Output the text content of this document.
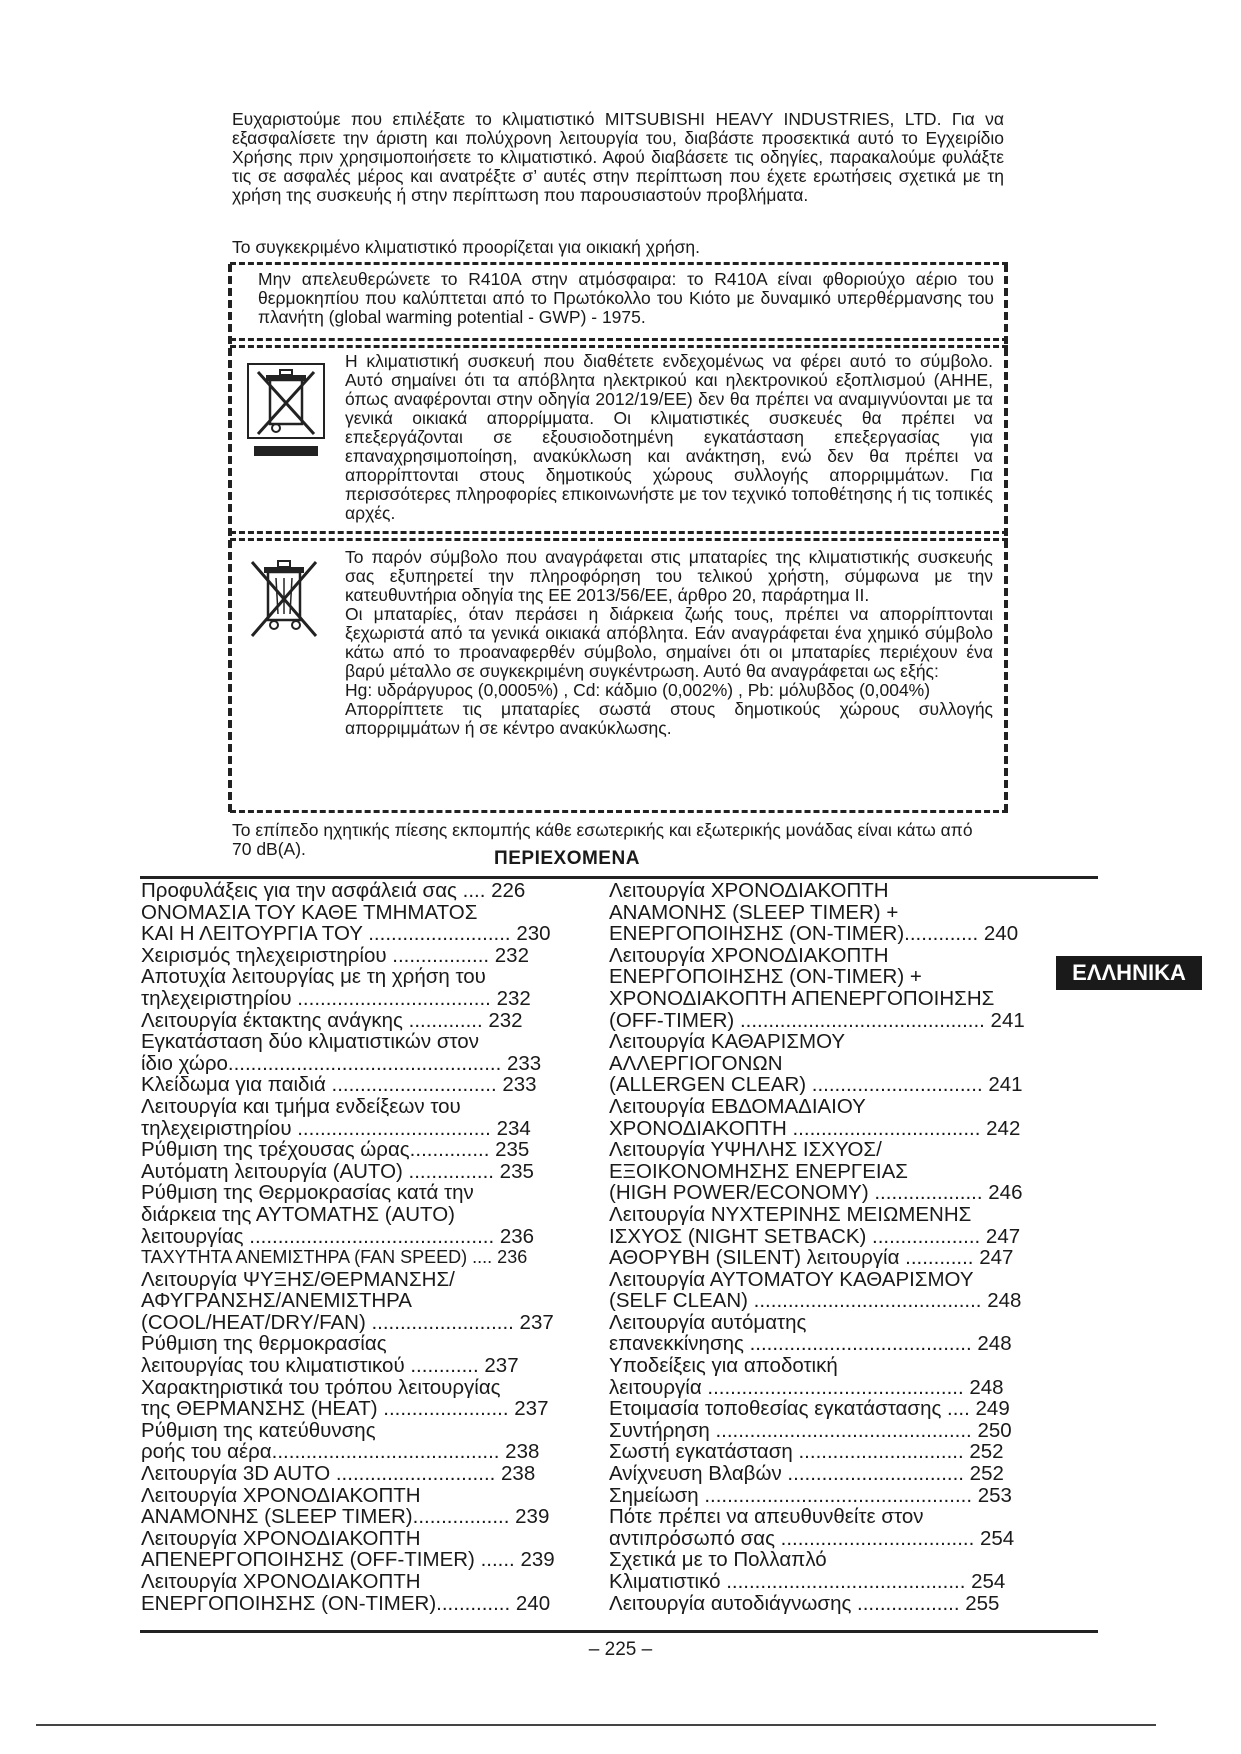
Ευχαριστούμε που επιλέξατε το κλιματιστικό MITSUBISHI HEAVY INDUSTRIES, LTD. Για να εξασφαλίσετε την άριστη και πολύχρονη λειτουργία του, διαβάστε προσεκτικά αυτό το Εγχειρίδιο Χρήσης πριν χρησιμοποιήσετε το κλιματιστικό. Αφού διαβάσετε τις οδηγίες, παρακαλούμε φυλάξτε τις σε ασφαλές μέρος και ανατρέξτε σ’ αυτές στην περίπτωση που έχετε ερωτήσεις σχετικά με τη χρήση της συσκευής ή στην περίπτωση που παρουσιαστούν προβλήματα.

Το συγκεκριμένο κλιματιστικό προορίζεται για οικιακή χρήση.

Μην απελευθερώνετε το R410A στην ατμόσφαιρα: το R410A είναι φθοριούχο αέριο του θερμοκηπίου που καλύπτεται από το Πρωτόκολλο του Κιότο με δυναμικό υπερθέρμανσης του πλανήτη (global warming potential - GWP) - 1975.

Η κλιματιστική συσκευή που διαθέτετε ενδεχομένως να φέρει αυτό το σύμβολο. Αυτό σημαίνει ότι τα απόβλητα ηλεκτρικού και ηλεκτρονικού εξοπλισμού (ΑΗΗΕ, όπως αναφέρονται στην οδηγία 2012/19/ΕΕ) δεν θα πρέπει να αναμιγνύονται με τα γενικά οικιακά απορρίμματα. Οι κλιματιστικές συσκευές θα πρέπει να επεξεργάζονται σε εξουσιοδοτημένη εγκατάσταση επεξεργασίας για επαναχρησιμοποίηση, ανακύκλωση και ανάκτηση, ενώ δεν θα πρέπει να απορρίπτονται στους δημοτικούς χώρους συλλογής απορριμμάτων. Για περισσότερες πληροφορίες επικοινωνήστε με τον τεχνικό τοποθέτησης ή τις τοπικές αρχές.

Το παρόν σύμβολο που αναγράφεται στις μπαταρίες της κλιματιστικής συσκευής σας εξυπηρετεί την πληροφόρηση του τελικού χρήστη, σύμφωνα με την κατευθυντήρια οδηγία της ΕΕ 2013/56/ΕΕ, άρθρο 20, παράρτημα II.

Οι μπαταρίες, όταν περάσει η διάρκεια ζωής τους, πρέπει να απορρίπτονται ξεχωριστά από τα γενικά οικιακά απόβλητα. Εάν αναγράφεται ένα χημικό σύμβολο κάτω από το προαναφερθέν σύμβολο, σημαίνει ότι οι μπαταρίες περιέχουν ένα βαρύ μέταλλο σε συγκεκριμένη συγκέντρωση. Αυτό θα αναγράφεται ως εξής:

Hg: υδράργυρος (0,0005%) , Cd: κάδμιο (0,002%) , Pb: μόλυβδος (0,004%)

Απορρίπτετε τις μπαταρίες σωστά στους δημοτικούς χώρους συλλογής απορριμμάτων ή σε κέντρο ανακύκλωσης.

Το επίπεδο ηχητικής πίεσης εκπομπής κάθε εσωτερικής και εξωτερικής μονάδας είναι κάτω από 70 dB(A).	ΠΕΡΙΕΧΟΜΕΝΑ

Προφυλάξεις για την ασφάλειά σας .... 226
ΟΝΟΜΑΣΙΑ ΤΟΥ ΚΑΘΕ ΤΜΗΜΑΤΟΣ
ΚΑΙ Η ΛΕΙΤΟΥΡΓΙΑ ΤΟΥ ......................... 230
Χειρισμός τηλεχειριστηρίου ................. 232
Αποτυχία λειτουργίας με τη χρήση του
τηλεχειριστηρίου .................................. 232
Λειτουργία έκτακτης ανάγκης ............. 232
Εγκατάσταση δύο κλιματιστικών στον
ίδιο χώρο................................................ 233
Κλείδωμα για παιδιά ............................. 233
Λειτουργία και τμήμα ενδείξεων του
τηλεχειριστηρίου .................................. 234
Ρύθμιση της τρέχουσας ώρας.............. 235
Αυτόματη λειτουργία (AUTO) ............... 235
Ρύθμιση της Θερμοκρασίας κατά την
διάρκεια της ΑΥΤΟΜΑΤΗΣ (AUTO)
λειτουργίας ........................................... 236
ΤΑΧΥΤΗΤΑ ΑΝΕΜΙΣΤΗΡΑ (FAN SPEED) .... 236
Λειτουργία ΨΥΞΗΣ/ΘΕΡΜΑΝΣΗΣ/
ΑΦΥΓΡΑΝΣΗΣ/ΑΝΕΜΙΣΤΗΡΑ
(COOL/HEAT/DRY/FAN) ......................... 237
Ρύθμιση της θερμοκρασίας
λειτουργίας του κλιματιστικού ............ 237
Χαρακτηριστικά του τρόπου λειτουργίας
της ΘΕΡΜΑΝΣΗΣ (HEAT) ...................... 237
Ρύθμιση της κατεύθυνσης
ροής του αέρα........................................ 238
Λειτουργία 3D AUTO ............................ 238
Λειτουργία ΧΡΟΝΟΔΙΑΚΟΠΤΗ
ΑΝΑΜΟΝΗΣ (SLEEP TIMER)................. 239
Λειτουργία ΧΡΟΝΟΔΙΑΚΟΠΤΗ
ΑΠΕΝΕΡΓΟΠΟΙΗΣΗΣ (OFF-TIMER) ...... 239
Λειτουργία ΧΡΟΝΟΔΙΑΚΟΠΤΗ
ΕΝΕΡΓΟΠΟΙΗΣΗΣ (ON-TIMER)............. 240
Λειτουργία ΧΡΟΝΟΔΙΑΚΟΠΤΗ
ΑΝΑΜΟΝΗΣ (SLEEP TIMER) +
ΕΝΕΡΓΟΠΟΙΗΣΗΣ (ON-TIMER)............. 240
Λειτουργία ΧΡΟΝΟΔΙΑΚΟΠΤΗ
ΕΝΕΡΓΟΠΟΙΗΣΗΣ (ON-TIMER) +
ΧΡΟΝΟΔΙΑΚΟΠΤΗ ΑΠΕΝΕΡΓΟΠΟΙΗΣΗΣ
(OFF-TIMER) ........................................... 241
Λειτουργία ΚΑΘΑΡΙΣΜΟΥ
ΑΛΛΕΡΓΙΟΓΟΝΩΝ
(ALLERGEN CLEAR) .............................. 241
Λειτουργία ΕΒΔΟΜΑΔΙΑΙΟΥ
ΧΡΟΝΟΔΙΑΚΟΠΤΗ ................................. 242
Λειτουργία ΥΨΗΛΗΣ ΙΣΧΥΟΣ/
ΕΞΟΙΚΟΝΟΜΗΣΗΣ ΕΝΕΡΓΕΙΑΣ
(HIGH POWER/ECONOMY) ................... 246
Λειτουργία ΝΥΧΤΕΡΙΝΗΣ ΜΕΙΩΜΕΝΗΣ
ΙΣΧΥΟΣ (NIGHT SETBACK) ................... 247
ΑΘΟΡΥΒΗ (SILENT) λειτουργία ............ 247
Λειτουργία ΑΥΤΟΜΑΤΟΥ ΚΑΘΑΡΙΣΜΟΥ
(SELF CLEAN) ........................................ 248
Λειτουργία αυτόματης
επανεκκίνησης ....................................... 248
Υποδείξεις για αποδοτική
λειτουργία ............................................. 248
Ετοιμασία τοποθεσίας εγκατάστασης .... 249
Συντήρηση ............................................. 250
Σωστή εγκατάσταση ............................. 252
Ανίχνευση Βλαβών ............................... 252
Σημείωση ............................................... 253
Πότε πρέπει να απευθυνθείτε στον
αντιπρόσωπό σας .................................. 254
Σχετικά με το Πολλαπλό
Κλιματιστικό .......................................... 254
Λειτουργία αυτοδιάγνωσης .................. 255
ΕΛΛΗΝΙΚΑ

– 225 –
